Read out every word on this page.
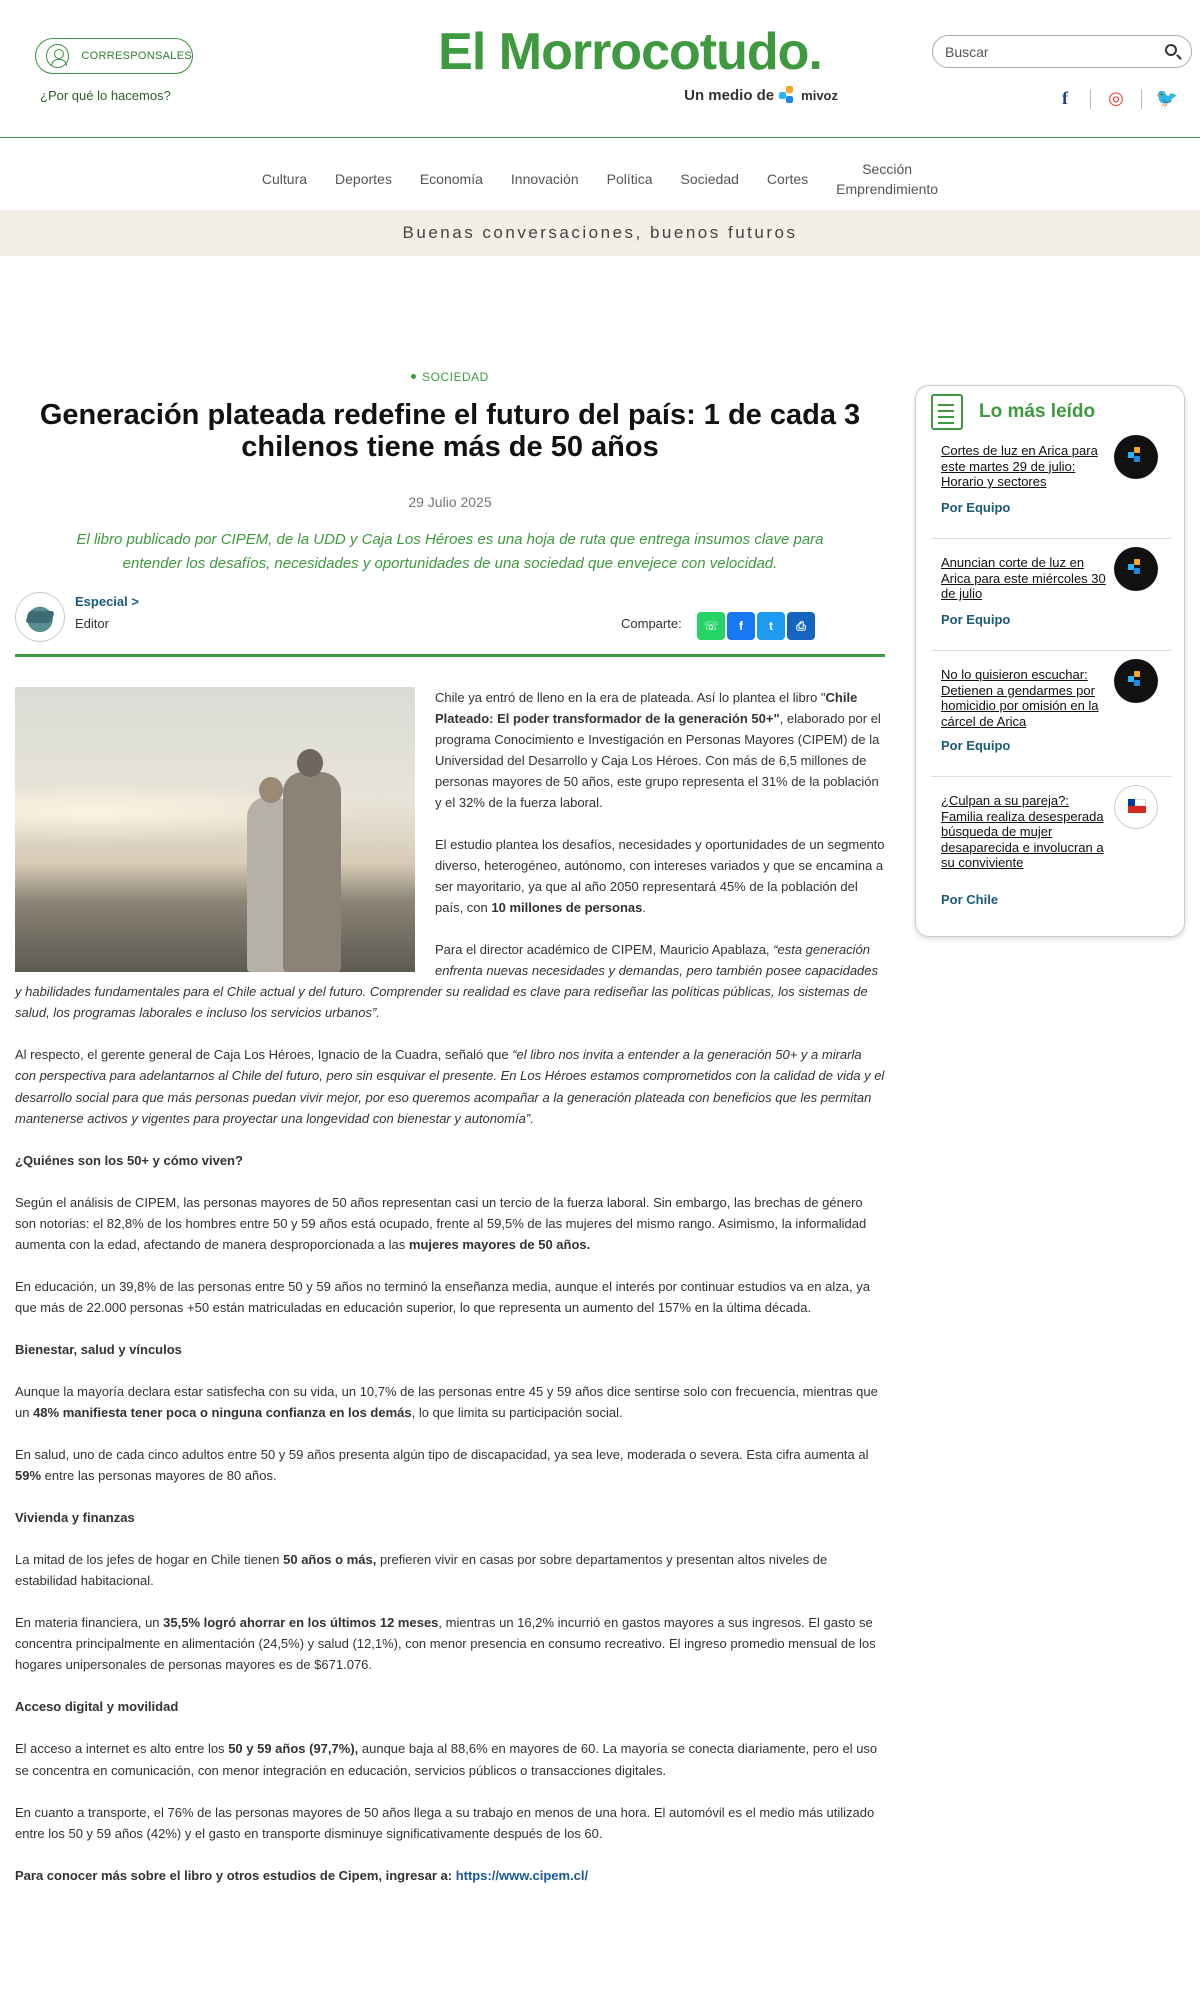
CORRESPONSALES
¿Por qué lo hacemos?
El Morrocotudo.
Un medio de mivoz
Buscar
f	◎	🐦
Cultura Deportes Economía Innovación Política Sociedad Cortes
Sección
Emprendimiento
Buenas conversaciones, buenos futuros
SOCIEDAD
Generación plateada redefine el futuro del país: 1 de cada 3 chilenos tiene más de 50 años
29 Julio 2025
El libro publicado por CIPEM, de la UDD y Caja Los Héroes es una hoja de ruta que entrega insumos clave para entender los desafíos, necesidades y oportunidades de una sociedad que envejece con velocidad.
Especial >
Editor	Comparte:	☏	f	t	⎙

Chile ya entró de lleno en la era de plateada. Así lo plantea el libro "Chile Plateado: El poder transformador de la generación 50+", elaborado por el programa Conocimiento e Investigación en Personas Mayores (CIPEM) de la Universidad del Desarrollo y Caja Los Héroes. Con más de 6,5 millones de personas mayores de 50 años, este grupo representa el 31% de la población y el 32% de la fuerza laboral.

El estudio plantea los desafíos, necesidades y oportunidades de un segmento diverso, heterogéneo, autónomo, con intereses variados y que se encamina a ser mayoritario, ya que al año 2050 representará 45% de la población del país, con 10 millones de personas.

Para el director académico de CIPEM, Mauricio Apablaza, “esta generación enfrenta nuevas necesidades y demandas, pero también posee capacidades y habilidades fundamentales para el Chile actual y del futuro. Comprender su realidad es clave para rediseñar las políticas públicas, los sistemas de salud, los programas laborales e incluso los servicios urbanos”.

Al respecto, el gerente general de Caja Los Héroes, Ignacio de la Cuadra, señaló que “el libro nos invita a entender a la generación 50+ y a mirarla con perspectiva para adelantarnos al Chile del futuro, pero sin esquivar el presente. En Los Héroes estamos comprometidos con la calidad de vida y el desarrollo social para que más personas puedan vivir mejor, por eso queremos acompañar a la generación plateada con beneficios que les permitan mantenerse activos y vigentes para proyectar una longevidad con bienestar y autonomía”.

¿Quiénes son los 50+ y cómo viven?

Según el análisis de CIPEM, las personas mayores de 50 años representan casi un tercio de la fuerza laboral. Sin embargo, las brechas de género son notorias: el 82,8% de los hombres entre 50 y 59 años está ocupado, frente al 59,5% de las mujeres del mismo rango. Asimismo, la informalidad aumenta con la edad, afectando de manera desproporcionada a las mujeres mayores de 50 años.

En educación, un 39,8% de las personas entre 50 y 59 años no terminó la enseñanza media, aunque el interés por continuar estudios va en alza, ya que más de 22.000 personas +50 están matriculadas en educación superior, lo que representa un aumento del 157% en la última década.

Bienestar, salud y vínculos

Aunque la mayoría declara estar satisfecha con su vida, un 10,7% de las personas entre 45 y 59 años dice sentirse solo con frecuencia, mientras que un 48% manifiesta tener poca o ninguna confianza en los demás, lo que limita su participación social.

En salud, uno de cada cinco adultos entre 50 y 59 años presenta algún tipo de discapacidad, ya sea leve, moderada o severa. Esta cifra aumenta al 59% entre las personas mayores de 80 años.

Vivienda y finanzas

La mitad de los jefes de hogar en Chile tienen 50 años o más, prefieren vivir en casas por sobre departamentos y presentan altos niveles de estabilidad habitacional.

En materia financiera, un 35,5% logró ahorrar en los últimos 12 meses, mientras un 16,2% incurrió en gastos mayores a sus ingresos. El gasto se concentra principalmente en alimentación (24,5%) y salud (12,1%), con menor presencia en consumo recreativo. El ingreso promedio mensual de los hogares unipersonales de personas mayores es de $671.076.

Acceso digital y movilidad

El acceso a internet es alto entre los 50 y 59 años (97,7%), aunque baja al 88,6% en mayores de 60. La mayoría se conecta diariamente, pero el uso se concentra en comunicación, con menor integración en educación, servicios públicos o transacciones digitales.

En cuanto a transporte, el 76% de las personas mayores de 50 años llega a su trabajo en menos de una hora. El automóvil es el medio más utilizado entre los 50 y 59 años (42%) y el gasto en transporte disminuye significativamente después de los 60.

Para conocer más sobre el libro y otros estudios de Cipem, ingresar a: https://www.cipem.cl/

Lo más leído
Cortes de luz en Arica para este martes 29 de julio: Horario y sectores
Por Equipo
Anuncian corte de luz en Arica para este miércoles 30 de julio
Por Equipo
No lo quisieron escuchar: Detienen a gendarmes por homicidio por omisión en la cárcel de Arica
Por Equipo
¿Culpan a su pareja?: Familia realiza desesperada búsqueda de mujer desaparecida e involucran a su conviviente
Por Chile
